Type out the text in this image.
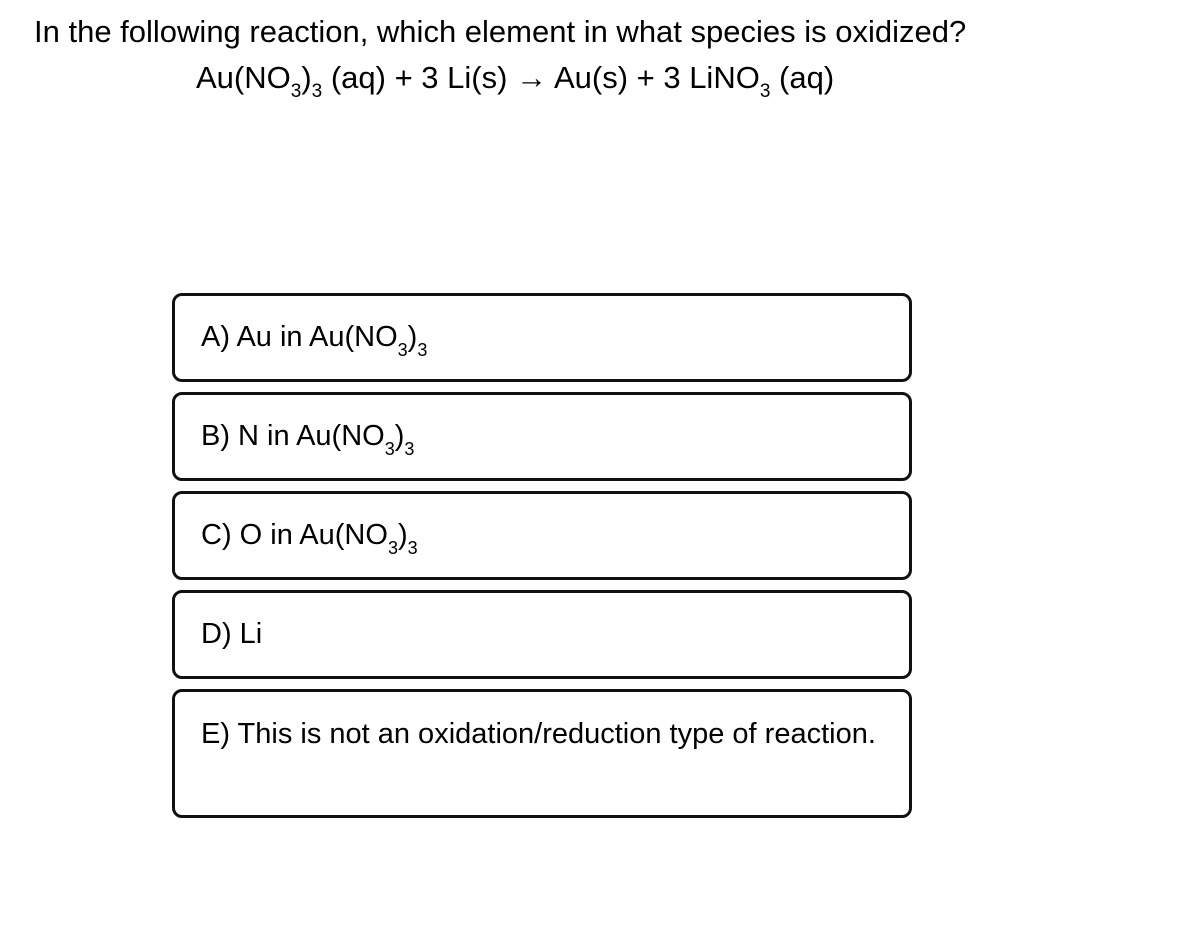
In the following reaction, which element in what species is oxidized?
$Au(NO_3)_3$ (aq) + 3 Li(s) → Au(s) + 3 LiNO$_3$ (aq)
A) Au in $Au(NO_3)_3$
B) N in $Au(NO_3)_3$
C) O in $Au(NO_3)_3$
D) Li
E) This is not an oxidation/reduction type of reaction.
